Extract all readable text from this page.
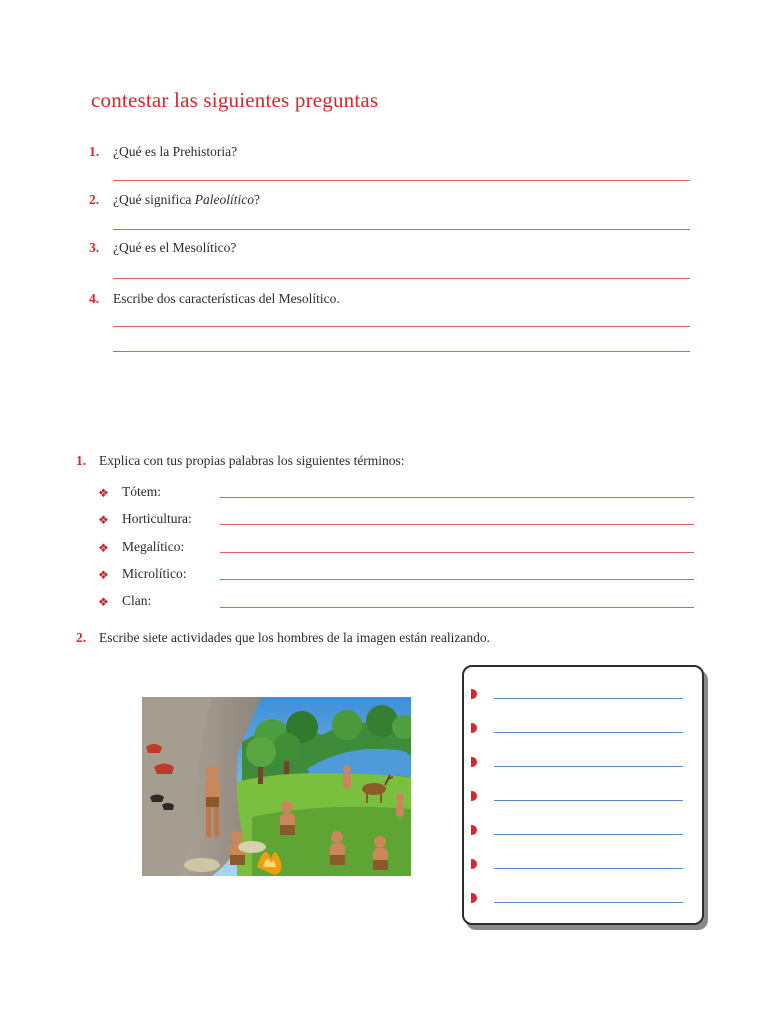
contestar las siguientes preguntas
1. ¿Qué es la Prehistoria?
2. ¿Qué significa Paleolítico?
3. ¿Qué es el Mesolítico?
4. Escribe dos características del Mesolítico.
1. Explica con tus propias palabras los siguientes términos:
❖ Tótem:
❖ Horticultura:
❖ Megalítico:
❖ Microlítico:
❖ Clan:
2. Escribe siete actividades que los hombres de la imagen están realizando.
